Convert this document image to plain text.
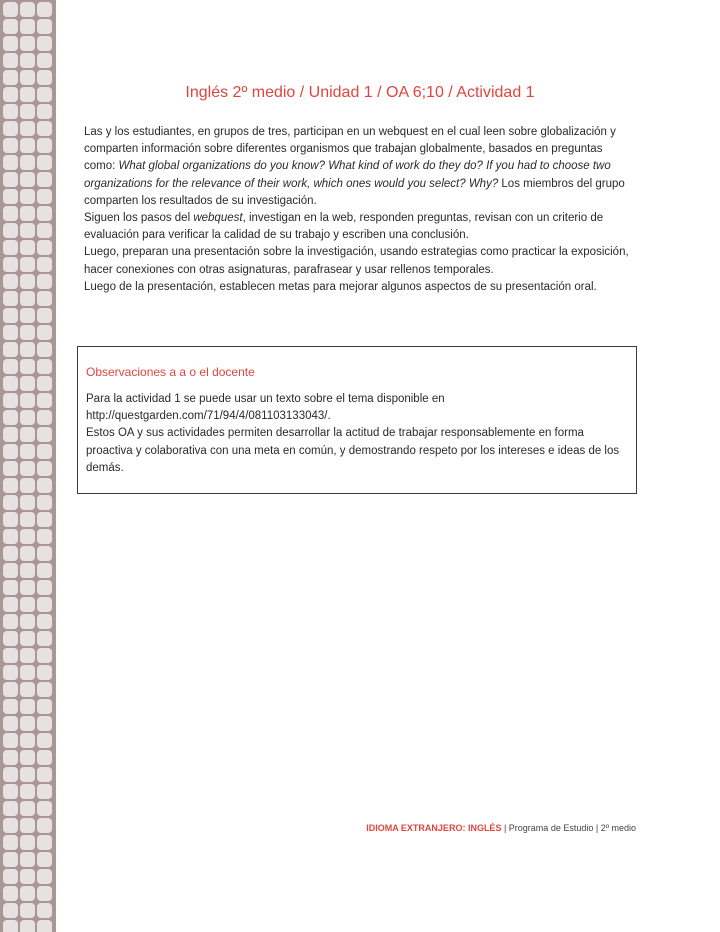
Inglés 2º medio / Unidad 1 / OA 6;10 / Actividad 1

Las y los estudiantes, en grupos de tres, participan en un webquest en el cual leen sobre globalización y comparten información sobre diferentes organismos que trabajan globalmente, basados en preguntas como: What global organizations do you know? What kind of work do they do? If you had to choose two organizations for the relevance of their work, which ones would you select? Why? Los miembros del grupo comparten los resultados de su investigación.

Siguen los pasos del webquest, investigan en la web, responden preguntas, revisan con un criterio de evaluación para verificar la calidad de su trabajo y escriben una conclusión.

Luego, preparan una presentación sobre la investigación, usando estrategias como practicar la exposición, hacer conexiones con otras asignaturas, parafrasear y usar rellenos temporales.

Luego de la presentación, establecen metas para mejorar algunos aspectos de su presentación oral.

Observaciones a a o el docente

Para la actividad 1 se puede usar un texto sobre el tema disponible en http://questgarden.com/71/94/4/081103133043/.

Estos OA y sus actividades permiten desarrollar la actitud de trabajar responsablemente en forma proactiva y colaborativa con una meta en común, y demostrando respeto por los intereses e ideas de los demás.

IDIOMA EXTRANJERO: INGLÉS | Programa de Estudio | 2º medio
